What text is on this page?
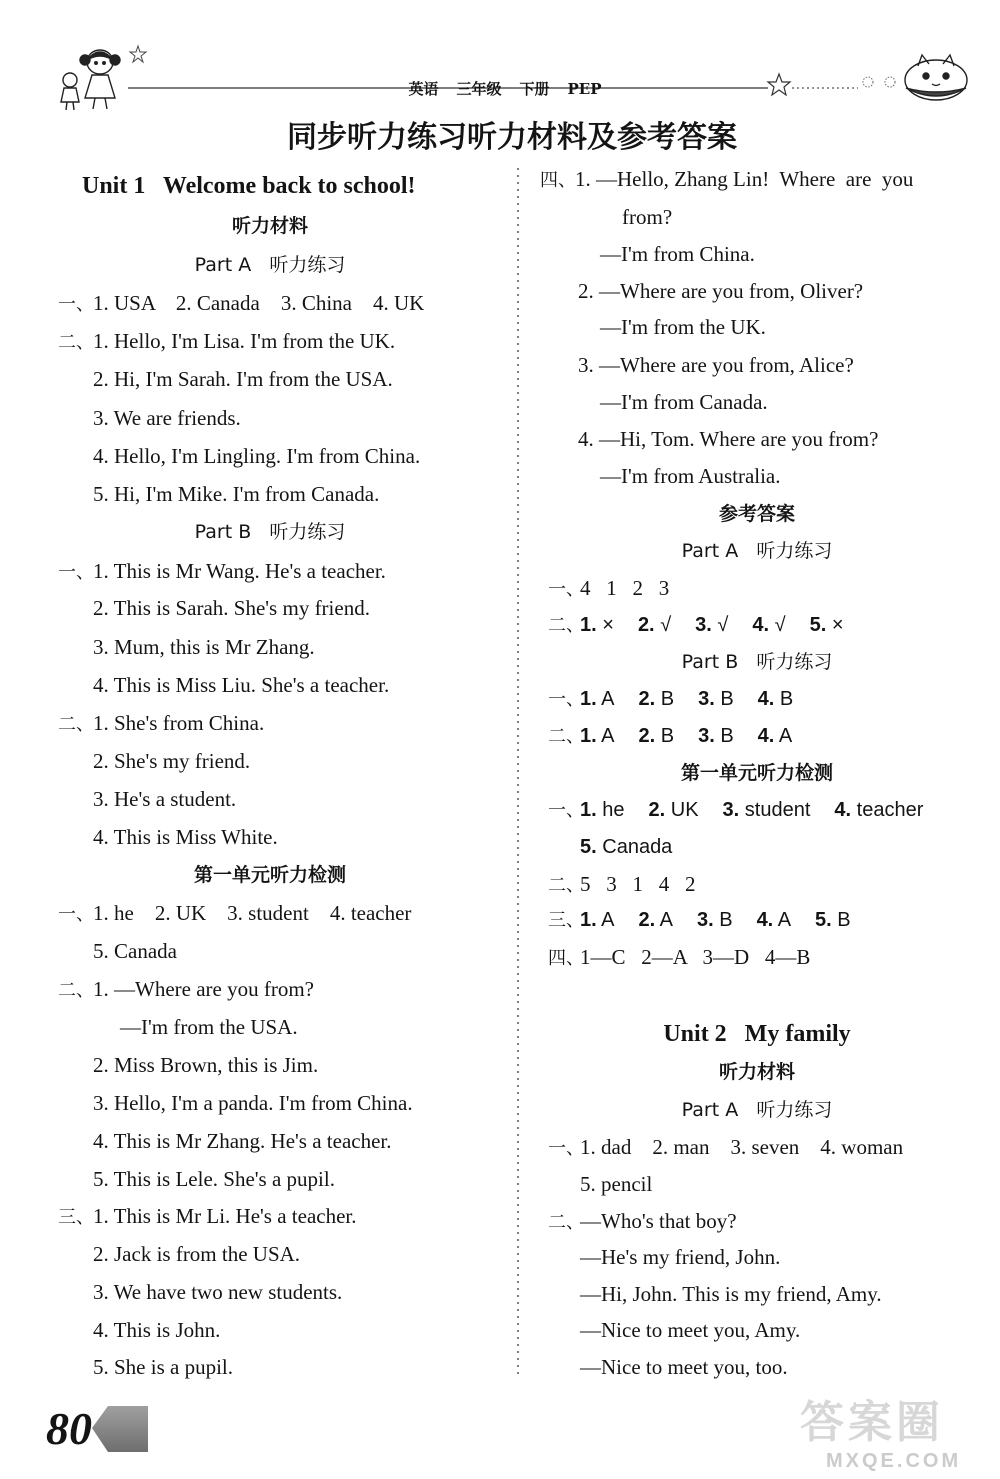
英语 三年级 下册 PEP

同步听力练习听力材料及参考答案
Unit 1   Welcome back to school!
听力材料
Part A   听力练习
一、1. USA    2. Canada    3. China    4. UK
二、1. Hello, I'm Lisa. I'm from the UK.
2. Hi, I'm Sarah. I'm from the USA.
3. We are friends.
4. Hello, I'm Lingling. I'm from China.
5. Hi, I'm Mike. I'm from Canada.
Part B   听力练习
一、1. This is Mr Wang. He's a teacher.
2. This is Sarah. She's my friend.
3. Mum, this is Mr Zhang.
4. This is Miss Liu. She's a teacher.
二、1. She's from China.
2. She's my friend.
3. He's a student.
4. This is Miss White.
第一单元听力检测
一、1. he    2. UK    3. student    4. teacher
5. Canada
二、1. —Where are you from?
—I'm from the USA.
2. Miss Brown, this is Jim.
3. Hello, I'm a panda. I'm from China.
4. This is Mr Zhang. He's a teacher.
5. This is Lele. She's a pupil.
三、1. This is Mr Li. He's a teacher.
2. Jack is from the USA.
3. We have two new students.
4. This is John.
5. She is a pupil.
四、1. —Hello, Zhang Lin!  Where  are  you
from?
—I'm from China.
2. —Where are you from, Oliver?
—I'm from the UK.
3. —Where are you from, Alice?
—I'm from Canada.
4. —Hi, Tom. Where are you from?
—I'm from Australia.
参考答案
Part A   听力练习
一、4   1   2   3
二、1. × 2. √ 3. √ 4. √ 5. ×
Part B   听力练习
一、1. A 2. B 3. B 4. B
二、1. A 2. B 3. B 4. A
第一单元听力检测
一、1. he 2. UK 3. student 4. teacher
5. Canada
二、5   3   1   4   2
三、1. A 2. A 3. B 4. A 5. B
四、1—C   2—A   3—D   4—B
Unit 2   My family
听力材料
Part A   听力练习
一、1. dad    2. man    3. seven    4. woman
5. pencil
二、—Who's that boy?
—He's my friend, John.
—Hi, John. This is my friend, Amy.
—Nice to meet you, Amy.
—Nice to meet you, too.
80	答案圈
MXQE.COM
